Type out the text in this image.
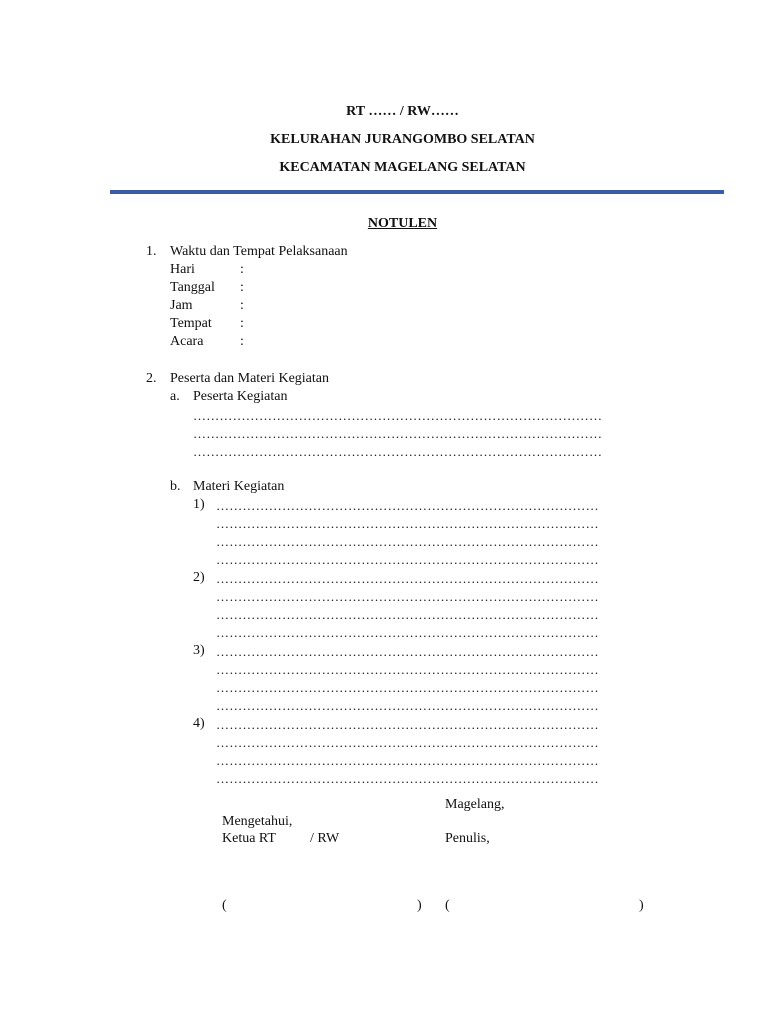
RT …… / RW……
KELURAHAN JURANGOMBO SELATAN
KECAMATAN MAGELANG SELATAN
NOTULEN
1. Waktu dan Tempat Pelaksanaan
Hari	:
Tanggal :
Jam	:
Tempat :
Acara	:
2. Peserta dan Materi Kegiatan
a. Peserta Kegiatan
…………………………………………………………………………………
…………………………………………………………………………………
…………………………………………………………………………………
b. Materi Kegiatan
1) ……………………………………………………………………………
……………………………………………………………………………
……………………………………………………………………………
……………………………………………………………………………
2) ……………………………………………………………………………
……………………………………………………………………………
……………………………………………………………………………
……………………………………………………………………………
3) ……………………………………………………………………………
……………………………………………………………………………
……………………………………………………………………………
……………………………………………………………………………
4) ……………………………………………………………………………
……………………………………………………………………………
……………………………………………………………………………
……………………………………………………………………………
Magelang,
Mengetahui,
Ketua RT / RW	Penulis,
(	) (	)
